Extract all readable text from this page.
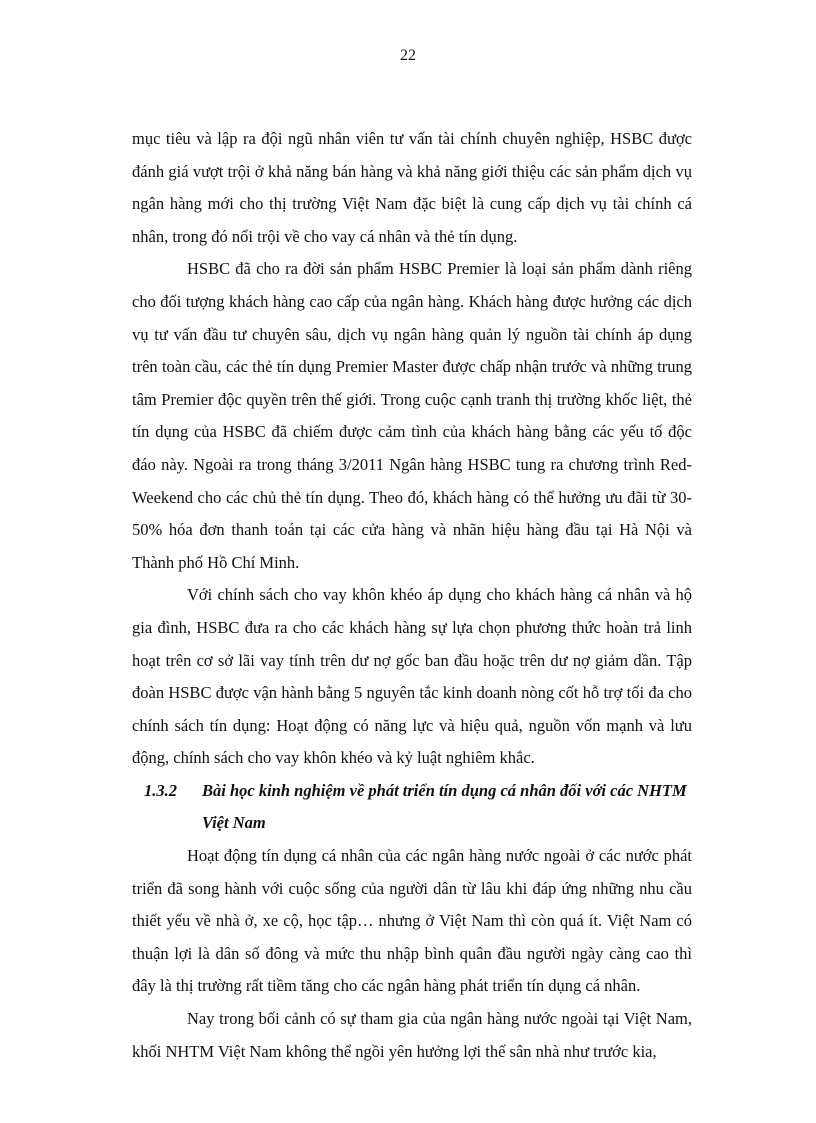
22

mục tiêu và lập ra đội ngũ nhân viên tư vấn tài chính chuyên nghiệp, HSBC được đánh giá vượt trội ở khả năng bán hàng và khả năng giới thiệu các sản phẩm dịch vụ ngân hàng mới cho thị trường Việt Nam đặc biệt là cung cấp dịch vụ tài chính cá nhân, trong đó nổi trội về cho vay cá nhân và thẻ tín dụng.

HSBC đã cho ra đời sản phẩm HSBC Premier là loại sản phẩm dành riêng cho đối tượng khách hàng cao cấp của ngân hàng. Khách hàng được hưởng các dịch vụ tư vấn đầu tư chuyên sâu, dịch vụ ngân hàng quản lý nguồn tài chính áp dụng trên toàn cầu, các thẻ tín dụng Premier Master được chấp nhận trước và những trung tâm Premier độc quyền trên thế giới. Trong cuộc cạnh tranh thị trường khốc liệt, thẻ tín dụng của HSBC đã chiếm được cảm tình của khách hàng bằng các yếu tố độc đáo này. Ngoài ra trong tháng 3/2011 Ngân hàng HSBC tung ra chương trình Red-Weekend cho các chủ thẻ tín dụng. Theo đó, khách hàng có thể hưởng ưu đãi từ 30-50% hóa đơn thanh toán tại các cửa hàng và nhãn hiệu hàng đầu tại Hà Nội và Thành phố Hồ Chí Minh.

Với chính sách cho vay khôn khéo áp dụng cho khách hàng cá nhân và hộ gia đình, HSBC đưa ra cho các khách hàng sự lựa chọn phương thức hoàn trả linh hoạt trên cơ sở lãi vay tính trên dư nợ gốc ban đầu hoặc trên dư nợ giảm dần. Tập đoàn HSBC được vận hành bằng 5 nguyên tắc kinh doanh nòng cốt hỗ trợ tối đa cho chính sách tín dụng: Hoạt động có năng lực và hiệu quả, nguồn vốn mạnh và lưu động, chính sách cho vay khôn khéo và kỷ luật nghiêm khắc.

1.3.2 Bài học kinh nghiệm về phát triển tín dụng cá nhân đối với các NHTM
Việt Nam

Hoạt động tín dụng cá nhân của các ngân hàng nước ngoài ở các nước phát triển đã song hành với cuộc sống của người dân từ lâu khi đáp ứng những nhu cầu thiết yếu về nhà ở, xe cộ, học tập… nhưng ở Việt Nam thì còn quá ít. Việt Nam có thuận lợi là dân số đông và mức thu nhập bình quân đầu người ngày càng cao thì đây là thị trường rất tiềm tăng cho các ngân hàng phát triển tín dụng cá nhân.

Nay trong bối cảnh có sự tham gia của ngân hàng nước ngoài tại Việt Nam, khối NHTM Việt Nam không thể ngồi yên hưởng lợi thế sân nhà như trước kia,
